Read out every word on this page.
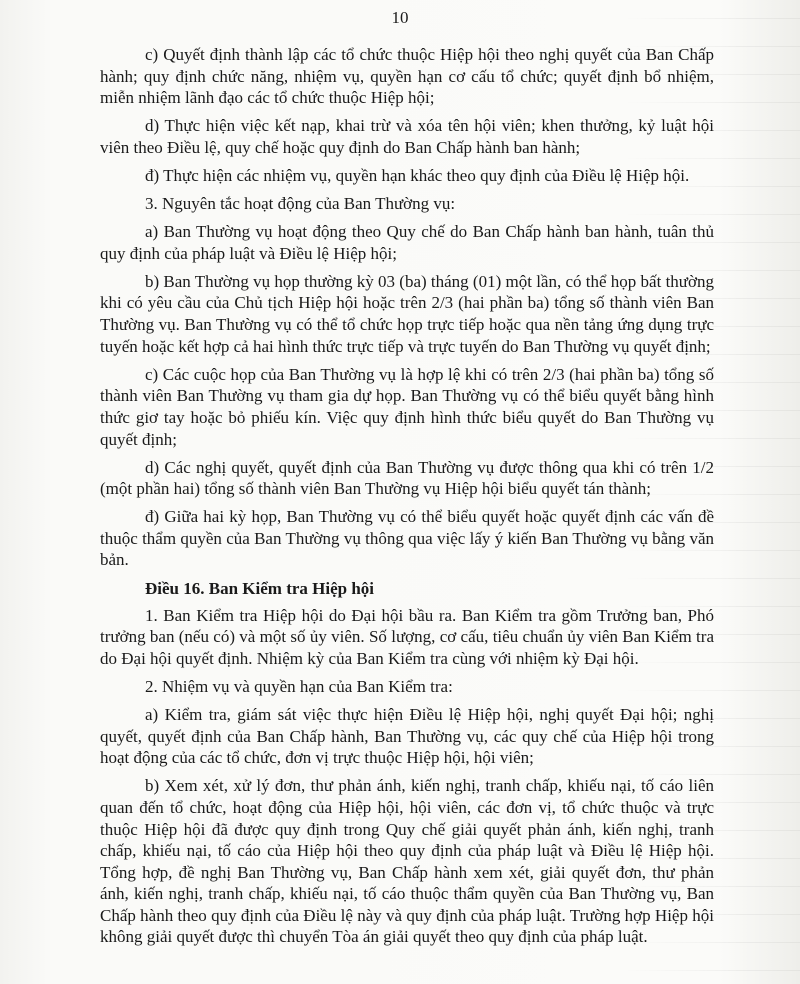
10

c) Quyết định thành lập các tổ chức thuộc Hiệp hội theo nghị quyết của Ban Chấp hành; quy định chức năng, nhiệm vụ, quyền hạn cơ cấu tổ chức; quyết định bổ nhiệm, miễn nhiệm lãnh đạo các tổ chức thuộc Hiệp hội;

d) Thực hiện việc kết nạp, khai trừ và xóa tên hội viên; khen thưởng, kỷ luật hội viên theo Điều lệ, quy chế hoặc quy định do Ban Chấp hành ban hành;

đ) Thực hiện các nhiệm vụ, quyền hạn khác theo quy định của Điều lệ Hiệp hội.

3. Nguyên tắc hoạt động của Ban Thường vụ:

a) Ban Thường vụ hoạt động theo Quy chế do Ban Chấp hành ban hành, tuân thủ quy định của pháp luật và Điều lệ Hiệp hội;

b) Ban Thường vụ họp thường kỳ 03 (ba) tháng (01) một lần, có thể họp bất thường khi có yêu cầu của Chủ tịch Hiệp hội hoặc trên 2/3 (hai phần ba) tổng số thành viên Ban Thường vụ. Ban Thường vụ có thể tổ chức họp trực tiếp hoặc qua nền tảng ứng dụng trực tuyến hoặc kết hợp cả hai hình thức trực tiếp và trực tuyến do Ban Thường vụ quyết định;

c) Các cuộc họp của Ban Thường vụ là hợp lệ khi có trên 2/3 (hai phần ba) tổng số thành viên Ban Thường vụ tham gia dự họp. Ban Thường vụ có thể biểu quyết bằng hình thức giơ tay hoặc bỏ phiếu kín. Việc quy định hình thức biểu quyết do Ban Thường vụ quyết định;

d) Các nghị quyết, quyết định của Ban Thường vụ được thông qua khi có trên 1/2 (một phần hai) tổng số thành viên Ban Thường vụ Hiệp hội biểu quyết tán thành;

đ) Giữa hai kỳ họp, Ban Thường vụ có thể biểu quyết hoặc quyết định các vấn đề thuộc thẩm quyền của Ban Thường vụ thông qua việc lấy ý kiến Ban Thường vụ bằng văn bản.

Điều 16. Ban Kiểm tra Hiệp hội

1. Ban Kiểm tra Hiệp hội do Đại hội bầu ra. Ban Kiểm tra gồm Trưởng ban, Phó trưởng ban (nếu có) và một số ủy viên. Số lượng, cơ cấu, tiêu chuẩn ủy viên Ban Kiểm tra do Đại hội quyết định. Nhiệm kỳ của Ban Kiểm tra cùng với nhiệm kỳ Đại hội.

2. Nhiệm vụ và quyền hạn của Ban Kiểm tra:

a) Kiểm tra, giám sát việc thực hiện Điều lệ Hiệp hội, nghị quyết Đại hội; nghị quyết, quyết định của Ban Chấp hành, Ban Thường vụ, các quy chế của Hiệp hội trong hoạt động của các tổ chức, đơn vị trực thuộc Hiệp hội, hội viên;

b) Xem xét, xử lý đơn, thư phản ánh, kiến nghị, tranh chấp, khiếu nại, tố cáo liên quan đến tổ chức, hoạt động của Hiệp hội, hội viên, các đơn vị, tổ chức thuộc và trực thuộc Hiệp hội đã được quy định trong Quy chế giải quyết phản ánh, kiến nghị, tranh chấp, khiếu nại, tố cáo của Hiệp hội theo quy định của pháp luật và Điều lệ Hiệp hội. Tổng hợp, đề nghị Ban Thường vụ, Ban Chấp hành xem xét, giải quyết đơn, thư phản ánh, kiến nghị, tranh chấp, khiếu nại, tố cáo thuộc thẩm quyền của Ban Thường vụ, Ban Chấp hành theo quy định của Điều lệ này và quy định của pháp luật. Trường hợp Hiệp hội không giải quyết được thì chuyển Tòa án giải quyết theo quy định của pháp luật.
